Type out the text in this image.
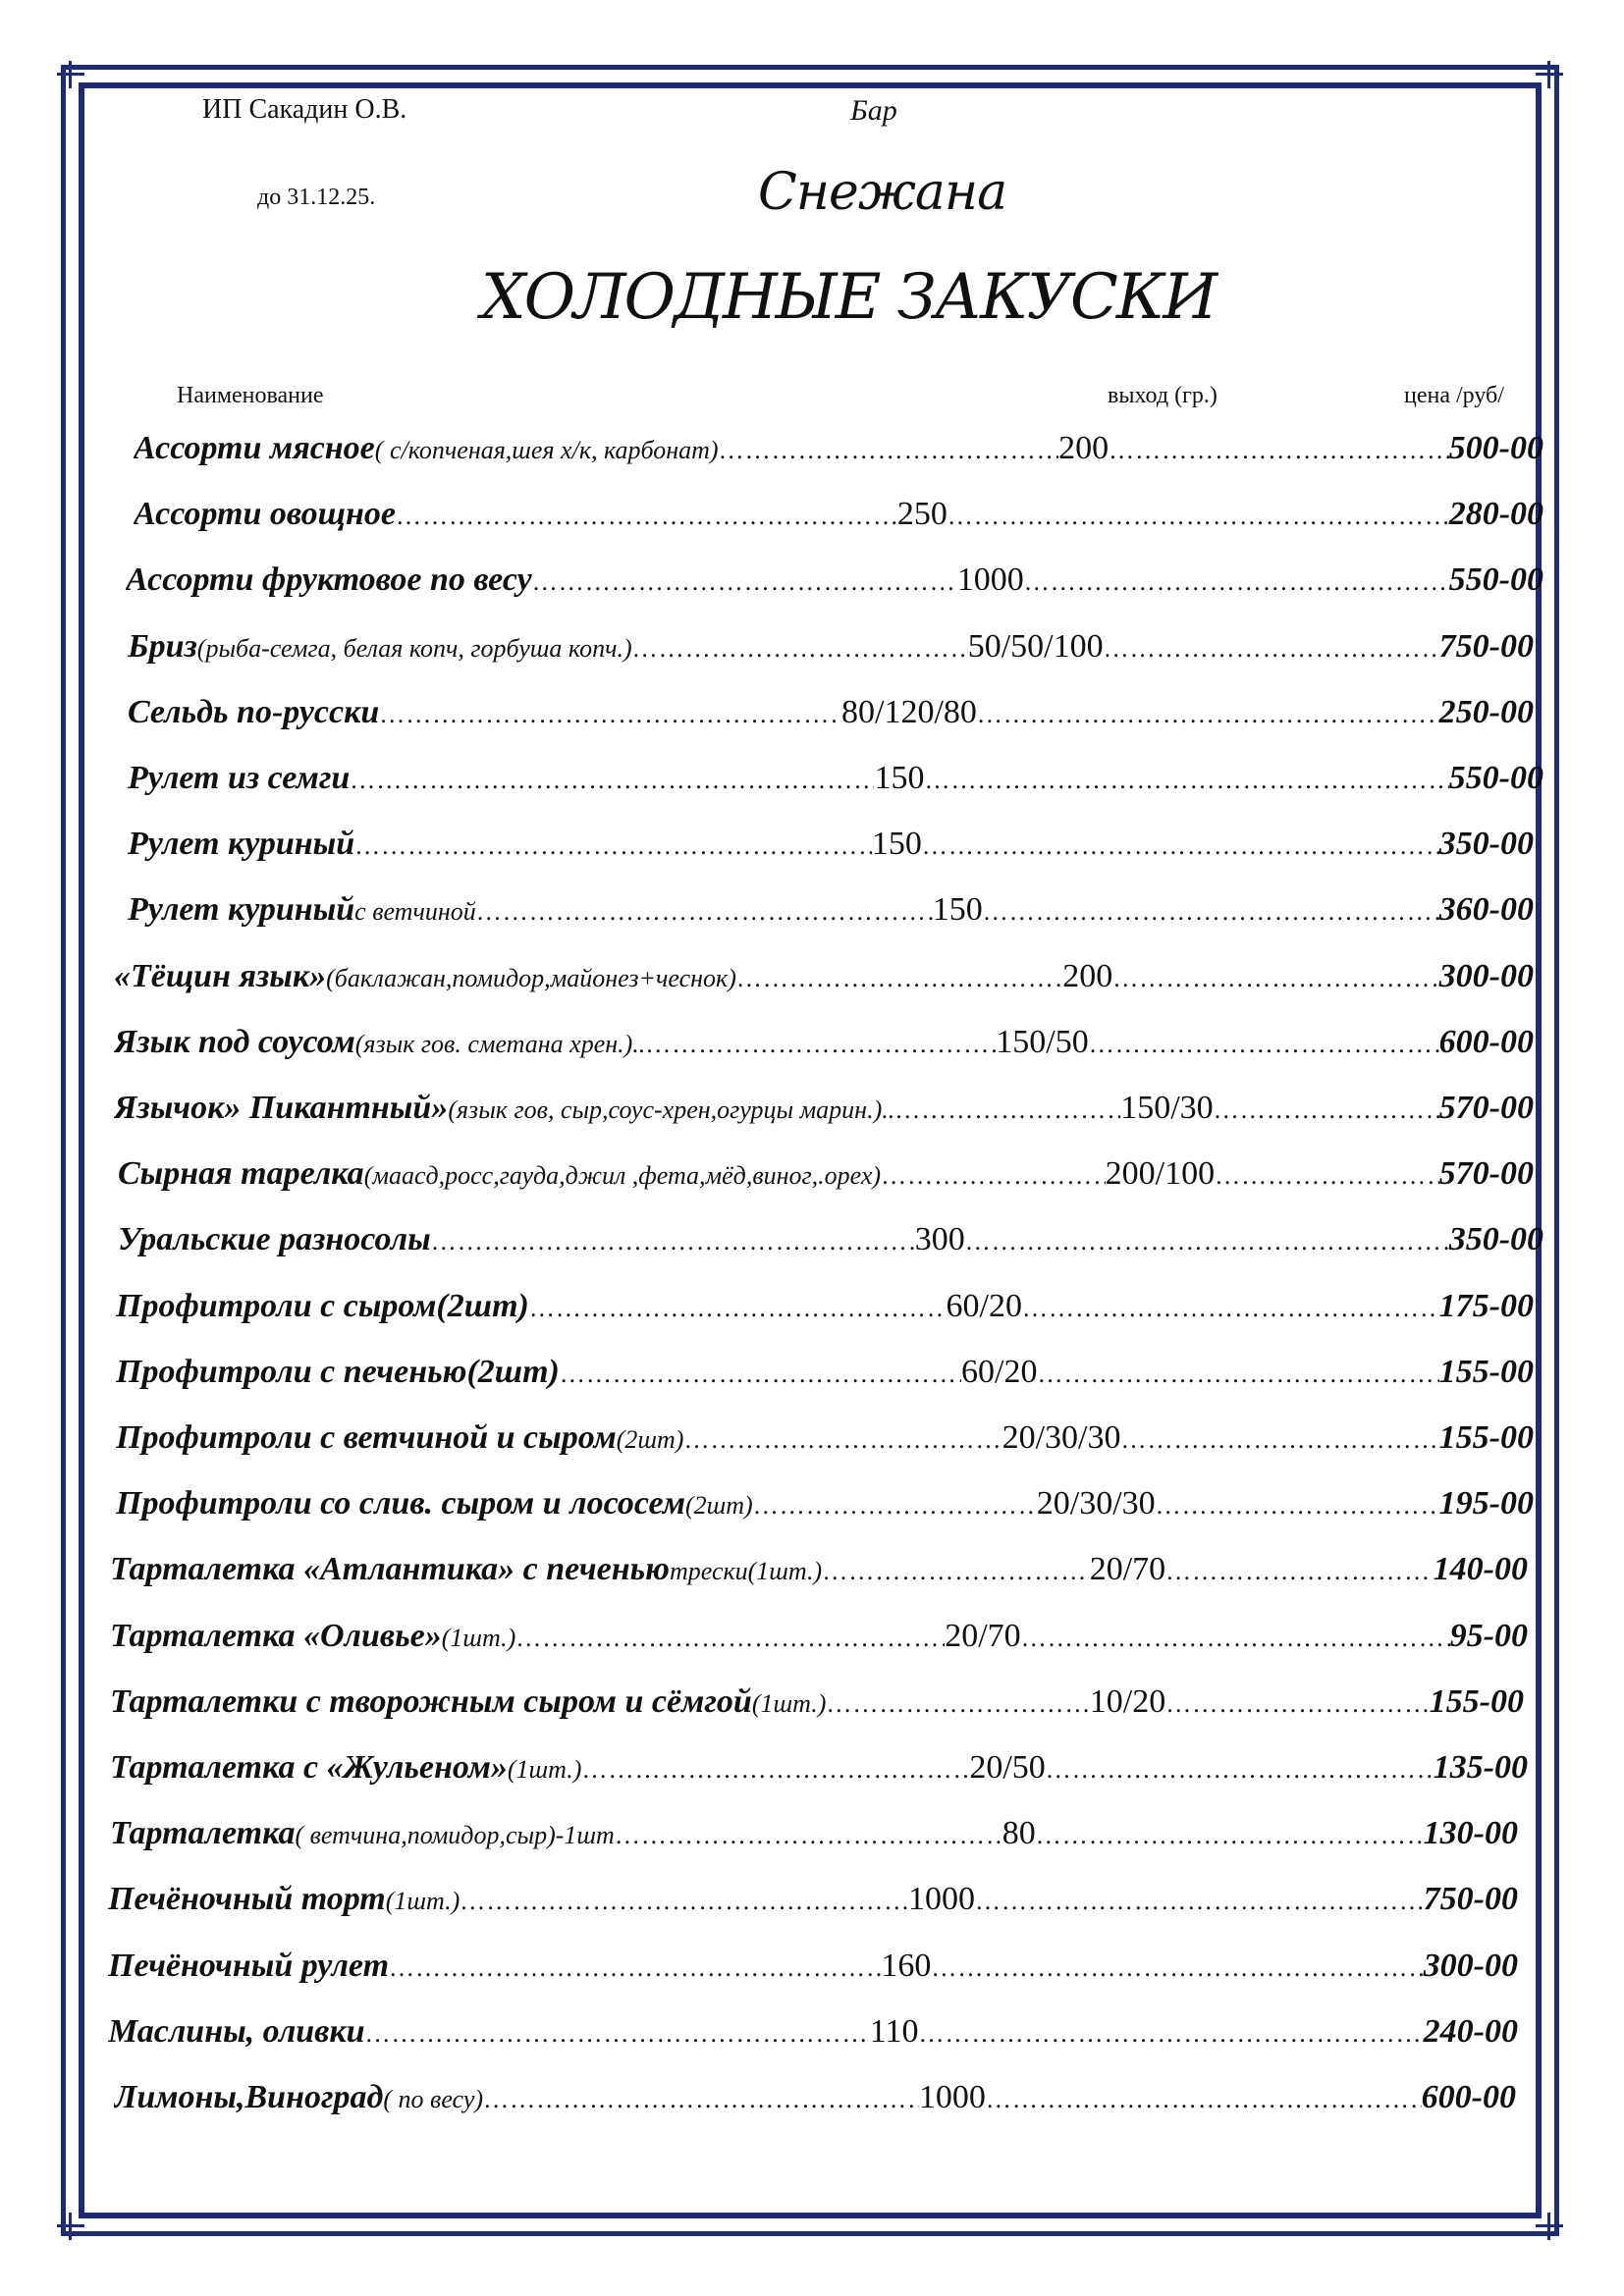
ИП Сакадин О.В.	Бар
до 31.12.25.	Снежана
ХОЛОДНЫЕ ЗАКУСКИ
Наименование	выход (гр.)	цена /руб/
Ассорти мясное ( с/копченая,шея х/к, карбонат) ……………………………………………………………………………………………………………………………………………………	200 ……………………………………………………………………………………………………………………………………………………	500-00
Ассорти овощное ……………………………………………………………………………………………………………………………………………………	250 ……………………………………………………………………………………………………………………………………………………	280-00
Ассорти фруктовое по весу ……………………………………………………………………………………………………………………………………………………	1000 ……………………………………………………………………………………………………………………………………………………	550-00
Бриз (рыба-семга, белая копч, горбуша копч.) ……………………………………………………………………………………………………………………………………………………	50/50/100 ……………………………………………………………………………………………………………………………………………………	750-00
Сельдь по-русски ……………………………………………………………………………………………………………………………………………………	80/120/80 ……………………………………………………………………………………………………………………………………………………	250-00
Рулет из семги ……………………………………………………………………………………………………………………………………………………	150 ……………………………………………………………………………………………………………………………………………………	550-00
Рулет куриный ……………………………………………………………………………………………………………………………………………………	150 ……………………………………………………………………………………………………………………………………………………	350-00
Рулет куриный с ветчиной ……………………………………………………………………………………………………………………………………………………	150 ……………………………………………………………………………………………………………………………………………………	360-00
«Тёщин язык» (баклажан,помидор,майонез+чеснок) ……………………………………………………………………………………………………………………………………………………	200 ……………………………………………………………………………………………………………………………………………………	300-00
Язык под соусом (язык гов. сметана хрен.).. ……………………………………………………………………………………………………………………………………………………	150/50 ……………………………………………………………………………………………………………………………………………………	600-00
Язычок» Пикантный» (язык гов, сыр,соус-хрен,огурцы марин.).. ……………………………………………………………………………………………………………………………………………………	150/30 ……………………………………………………………………………………………………………………………………………………	570-00
Сырная тарелка (маасд,росс,гауда,джил ,фета,мёд,виног,.орех) ……………………………………………………………………………………………………………………………………………………	200/100 ……………………………………………………………………………………………………………………………………………………	570-00
Уральские разносолы ……………………………………………………………………………………………………………………………………………………	300 ……………………………………………………………………………………………………………………………………………………	350-00
Профитроли с сыром(2шт) ……………………………………………………………………………………………………………………………………………………	60/20 ……………………………………………………………………………………………………………………………………………………	175-00
Профитроли с печенью(2шт) ……………………………………………………………………………………………………………………………………………………	60/20 ……………………………………………………………………………………………………………………………………………………	155-00
Профитроли с ветчиной и сыром (2шт) ……………………………………………………………………………………………………………………………………………………	20/30/30 ……………………………………………………………………………………………………………………………………………………	155-00
Профитроли со слив. сыром и лососем (2шт) ……………………………………………………………………………………………………………………………………………………	20/30/30 ……………………………………………………………………………………………………………………………………………………	195-00
Тарталетка «Атлантика» с печенью трески(1шт.) ……………………………………………………………………………………………………………………………………………………	20/70 ……………………………………………………………………………………………………………………………………………………	140-00
Тарталетка «Оливье» (1шт.) ……………………………………………………………………………………………………………………………………………………	20/70 ……………………………………………………………………………………………………………………………………………………	95-00
Тарталетки с творожным сыром и сёмгой (1шт.) ……………………………………………………………………………………………………………………………………………………	10/20 ……………………………………………………………………………………………………………………………………………………	155-00
Тарталетка с «Жульеном» (1шт.) ……………………………………………………………………………………………………………………………………………………	20/50 ……………………………………………………………………………………………………………………………………………………	135-00
Тарталетка ( ветчина,помидор,сыр)-1шт ……………………………………………………………………………………………………………………………………………………	80 ……………………………………………………………………………………………………………………………………………………	130-00
Печёночный торт (1шт.) ……………………………………………………………………………………………………………………………………………………	1000 ……………………………………………………………………………………………………………………………………………………	750-00
Печёночный рулет ……………………………………………………………………………………………………………………………………………………	160 ……………………………………………………………………………………………………………………………………………………	300-00
Маслины, оливки ……………………………………………………………………………………………………………………………………………………	110 ……………………………………………………………………………………………………………………………………………………	240-00
Лимоны,Виноград ( по весу) ……………………………………………………………………………………………………………………………………………………	1000 ……………………………………………………………………………………………………………………………………………………	600-00
